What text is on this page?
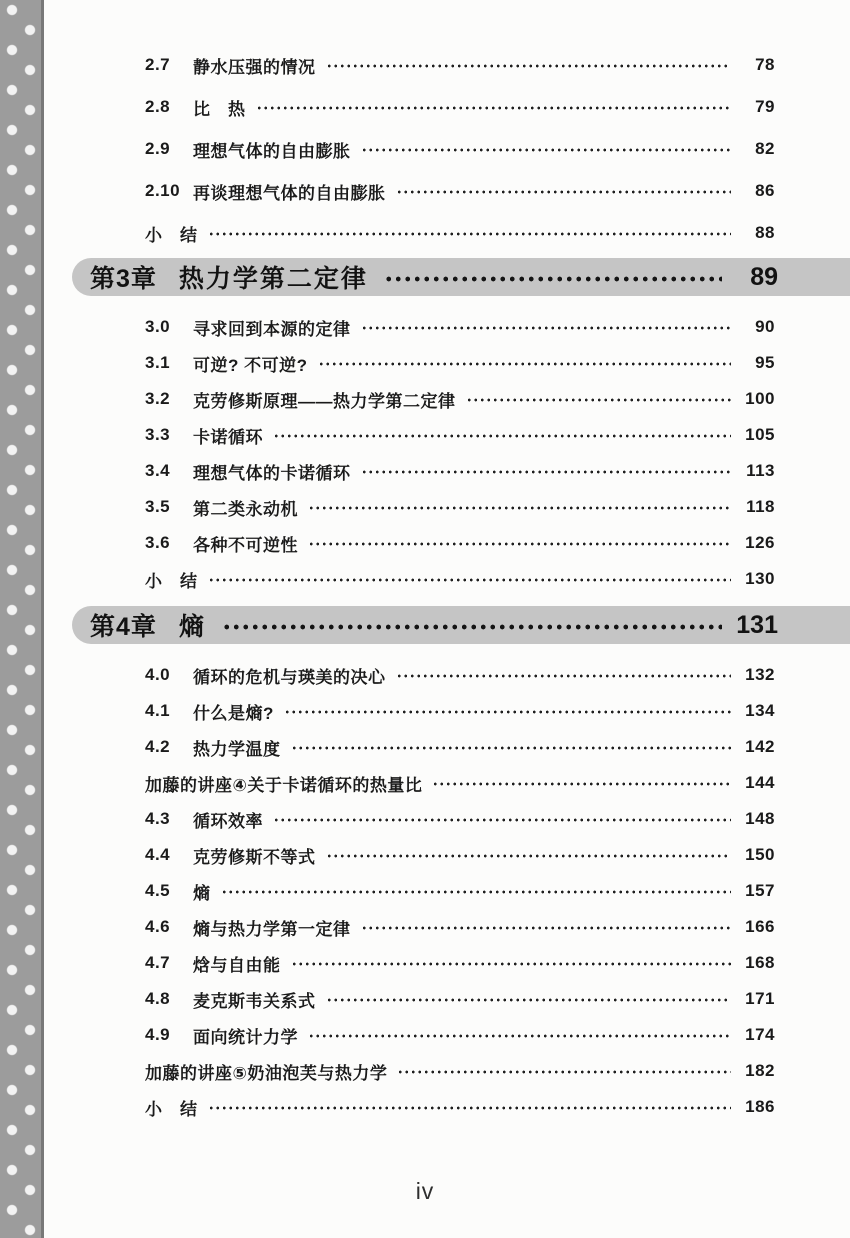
2.7	静水压强的情况	78
2.8	比　热	79
2.9	理想气体的自由膨胀	82
2.10 再谈理想气体的自由膨胀	86
小　结	88
第3章 热力学第二定律	89
3.0	寻求回到本源的定律	90
3.1	可逆? 不可逆?	95
3.2	克劳修斯原理——热力学第二定律	100
3.3	卡诺循环	105
3.4	理想气体的卡诺循环	113
3.5	第二类永动机	118
3.6	各种不可逆性	126
小　结	130
第4章 熵	131
4.0	循环的危机与瑛美的决心	132
4.1	什么是熵?	134
4.2	热力学温度	142
加藤的讲座④关于卡诺循环的热量比	144
4.3	循环效率	148
4.4	克劳修斯不等式	150
4.5	熵	157
4.6	熵与热力学第一定律	166
4.7	焓与自由能	168
4.8	麦克斯韦关系式	171
4.9	面向统计力学	174
加藤的讲座⑤奶油泡芙与热力学	182
小　结	186
iv
